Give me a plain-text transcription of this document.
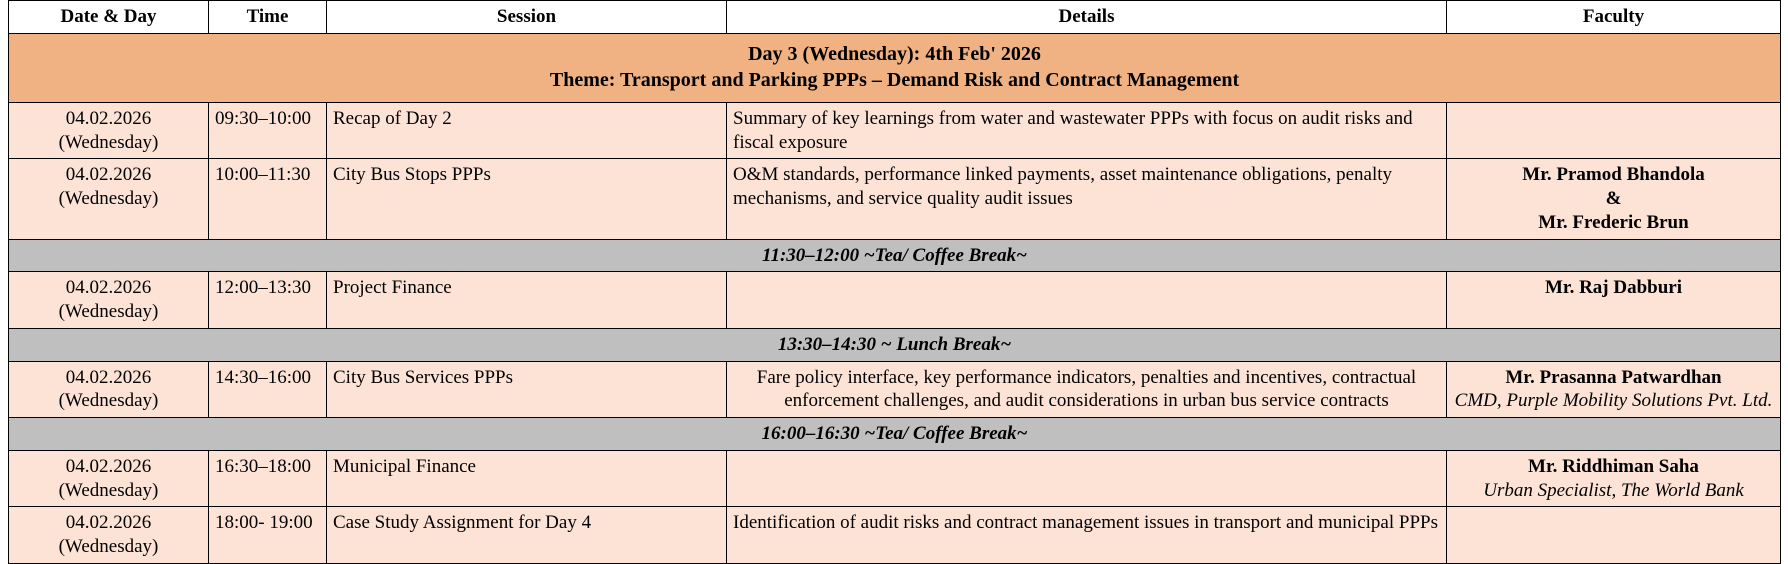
Date & Day	Time	Session	Details	Faculty
Day 3 (Wednesday): 4th Feb' 2026
Theme: Transport and Parking PPPs – Demand Risk and Contract Management				

04.02.2026
(Wednesday)	09:30–10:00	Recap of Day 2	Summary of key learnings from water and wastewater PPPs with focus on audit risks and fiscal exposure	

04.02.2026
(Wednesday)	10:00–11:30	City Bus Stops PPPs	O&M standards, performance linked payments, asset maintenance obligations, penalty mechanisms, and service quality audit issues	Mr. Pramod Bhandola
&
Mr. Frederic Brun

11:30–12:00 ~Tea/ Coffee Break~				

04.02.2026
(Wednesday)	12:00–13:30	Project Finance		Mr. Raj Dabburi

13:30–14:30 ~ Lunch Break~				

04.02.2026
(Wednesday)	14:30–16:00	City Bus Services PPPs	Fare policy interface, key performance indicators, penalties and incentives, contractual enforcement challenges, and audit considerations in urban bus service contracts	Mr. Prasanna Patwardhan
CMD, Purple Mobility Solutions Pvt. Ltd.

16:00–16:30 ~Tea/ Coffee Break~				

04.02.2026
(Wednesday)	16:30–18:00	Municipal Finance		Mr. Riddhiman Saha
Urban Specialist, The World Bank

04.02.2026
(Wednesday)	18:00- 19:00	Case Study Assignment for Day 4	Identification of audit risks and contract management issues in transport and municipal PPPs	
